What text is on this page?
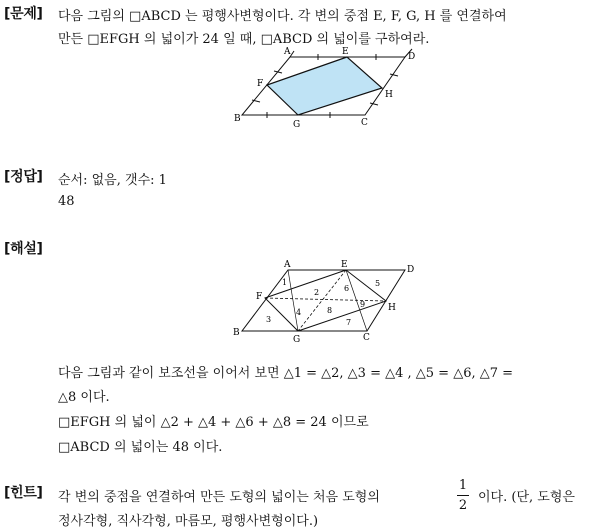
[문제] 다음 그림의 □ABCD 는 평행사변형이다. 각 변의 중점 E, F, G, H 를 연결하여
만든 □EFGH 의 넓이가 24 일 때, □ABCD 의 넓이를 구하여라.
A	E	D
F
H
B
G	C
[정답] 순서: 없음, 갯수: 1
48
[해설]
1
2
3
4
5
6
7
8
9
A	E	D
F
H
B
G	C
다음 그림과 같이 보조선을 이어서 보면 △1 = △2, △3 = △4 , △5 = △6, △7 =
△8 이다.
□EFGH 의 넓이 △2 + △4 + △6 + △8 = 24 이므로
□ABCD 의 넓이는 48 이다.
[힌트] 각 변의 중점을 연결하여 만든 도형의 넓이는 처음 도형의
1
2
이다. (단, 도형은
정사각형, 직사각형, 마름모, 평행사변형이다.)
